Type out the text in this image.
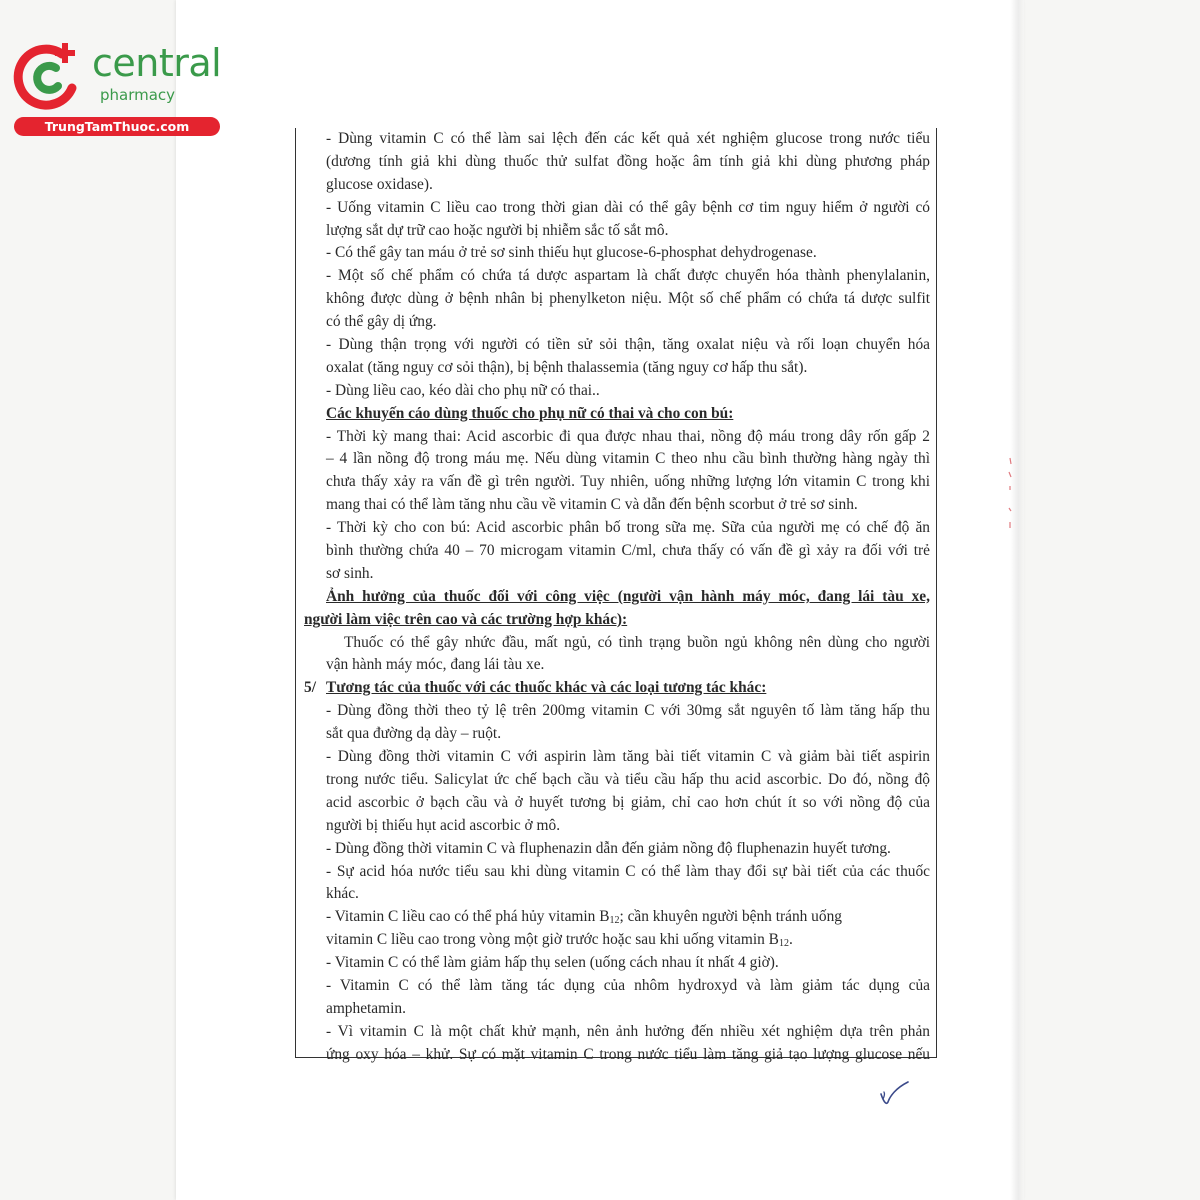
central
pharmacy
TrungTamThuoc.com
- Dùng vitamin C có thể làm sai lệch đến các kết quả xét nghiệm glucose trong nước tiểu
(dương tính giả khi dùng thuốc thử sulfat đồng hoặc âm tính giả khi dùng phương pháp
glucose oxidase).
- Uống vitamin C liều cao trong thời gian dài có thể gây bệnh cơ tim nguy hiểm ở người có
lượng sắt dự trữ cao hoặc người bị nhiễm sắc tố sắt mô.
- Có thể gây tan máu ở trẻ sơ sinh thiếu hụt glucose-6-phosphat dehydrogenase.
- Một số chế phẩm có chứa tá dược aspartam là chất được chuyển hóa thành phenylalanin,
không được dùng ở bệnh nhân bị phenylketon niệu. Một số chế phẩm có chứa tá dược sulfit
có thể gây dị ứng.
- Dùng thận trọng với người có tiền sử sỏi thận, tăng oxalat niệu và rối loạn chuyển hóa
oxalat (tăng nguy cơ sỏi thận), bị bệnh thalassemia (tăng nguy cơ hấp thu sắt).
- Dùng liều cao, kéo dài cho phụ nữ có thai..
Các khuyến cáo dùng thuốc cho phụ nữ có thai và cho con bú:
- Thời kỳ mang thai: Acid ascorbic đi qua được nhau thai, nồng độ máu trong dây rốn gấp 2
– 4 lần nồng độ trong máu mẹ. Nếu dùng vitamin C theo nhu cầu bình thường hàng ngày thì
chưa thấy xảy ra vấn đề gì trên người. Tuy nhiên, uống những lượng lớn vitamin C trong khi
mang thai có thể làm tăng nhu cầu về vitamin C và dẫn đến bệnh scorbut ở trẻ sơ sinh.
- Thời kỳ cho con bú: Acid ascorbic phân bố trong sữa mẹ. Sữa của người mẹ có chế độ ăn
bình thường chứa 40 – 70 microgam vitamin C/ml, chưa thấy có vấn đề gì xảy ra đối với trẻ
sơ sinh.
Ảnh hưởng của thuốc đối với công việc (người vận hành máy móc, đang lái tàu xe,
người làm việc trên cao và các trường hợp khác):
Thuốc có thể gây nhức đầu, mất ngủ, có tình trạng buồn ngủ không nên dùng cho người
vận hành máy móc, đang lái tàu xe.
5/ Tương tác của thuốc với các thuốc khác và các loại tương tác khác:
- Dùng đồng thời theo tỷ lệ trên 200mg vitamin C với 30mg sắt nguyên tố làm tăng hấp thu
sắt qua đường dạ dày – ruột.
- Dùng đồng thời vitamin C với aspirin làm tăng bài tiết vitamin C và giảm bài tiết aspirin
trong nước tiểu. Salicylat ức chế bạch cầu và tiểu cầu hấp thu acid ascorbic. Do đó, nồng độ
acid ascorbic ở bạch cầu và ở huyết tương bị giảm, chỉ cao hơn chút ít so với nồng độ của
người bị thiếu hụt acid ascorbic ở mô.
- Dùng đồng thời vitamin C và fluphenazin dẫn đến giảm nồng độ fluphenazin huyết tương.
- Sự acid hóa nước tiểu sau khi dùng vitamin C có thể làm thay đổi sự bài tiết của các thuốc
khác.
- Vitamin C liều cao có thể phá hủy vitamin $B_{12}$; cần khuyên người bệnh tránh uống
vitamin C liều cao trong vòng một giờ trước hoặc sau khi uống vitamin $B_{12}$.
- Vitamin C có thể làm giảm hấp thụ selen (uống cách nhau ít nhất 4 giờ).
- Vitamin C có thể làm tăng tác dụng của nhôm hydroxyd và làm giảm tác dụng của
amphetamin.
- Vì vitamin C là một chất khử mạnh, nên ảnh hưởng đến nhiều xét nghiệm dựa trên phản
ứng oxy hóa – khử. Sự có mặt vitamin C trong nước tiểu làm tăng giả tạo lượng glucose nếu
